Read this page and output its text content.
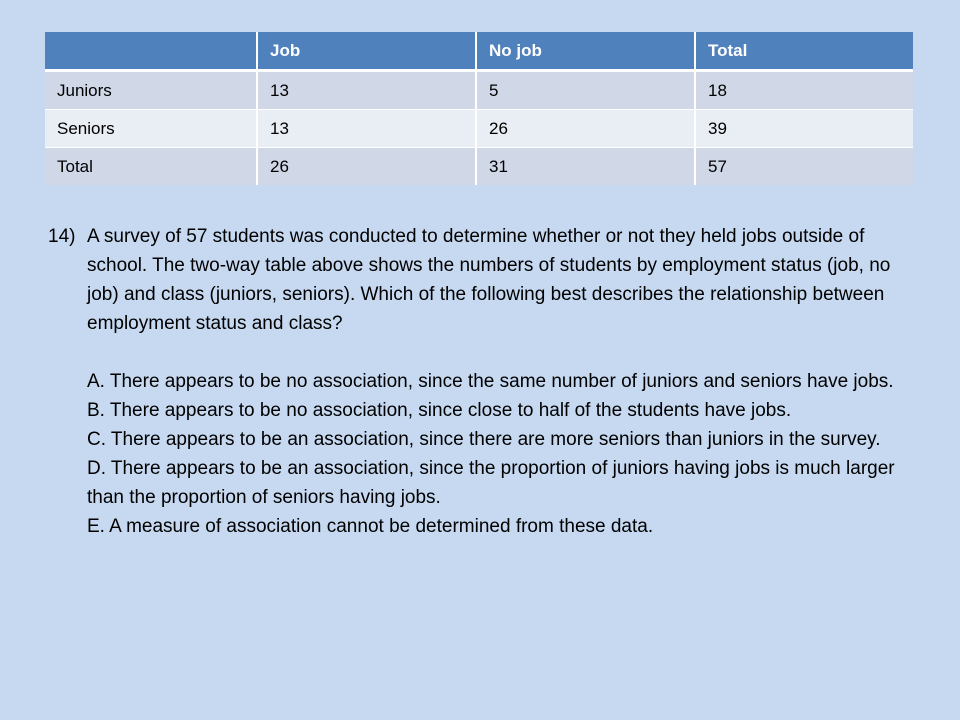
	Job	No job	Total
Juniors	13	5	18
Seniors	13	26	39
Total	26	31	57

14) A survey of 57 students was conducted to determine whether or not they held jobs outside of school. The two-way table above shows the numbers of students by employment status (job, no job) and class (juniors, seniors). Which of the following best describes the relationship between employment status and class?

A. There appears to be no association, since the same number of juniors and seniors have jobs.
B. There appears to be no association, since close to half of the students have jobs.
C. There appears to be an association, since there are more seniors than juniors in the survey.
D. There appears to be an association, since the proportion of juniors having jobs is much larger than the proportion of seniors having jobs.
E. A measure of association cannot be determined from these data.
